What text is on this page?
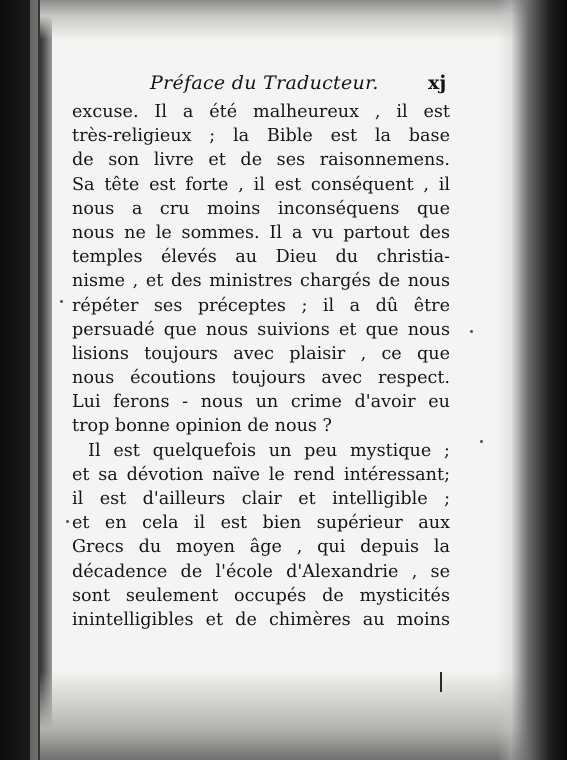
Préface du Traducteur.	xj
excuse. Il a été malheureux , il est
très-religieux ; la Bible est la base
de son livre et de ses raisonnemens.
Sa tête est forte , il est conséquent , il
nous a cru moins inconséquens que
nous ne le sommes. Il a vu partout des
temples élevés au Dieu du christia-
nisme , et des ministres chargés de nous
répéter ses préceptes ; il a dû être
persuadé que nous suivions et que nous
lisions toujours avec plaisir , ce que
nous écoutions toujours avec respect.
Lui ferons - nous un crime d'avoir eu
trop bonne opinion de nous ?
Il est quelquefois un peu mystique ;
et sa dévotion naïve le rend intéressant;
il est d'ailleurs clair et intelligible ;
et en cela il est bien supérieur aux
Grecs du moyen âge , qui depuis la
décadence de l'école d'Alexandrie , se
sont seulement occupés de mysticités
inintelligibles et de chimères au moins
